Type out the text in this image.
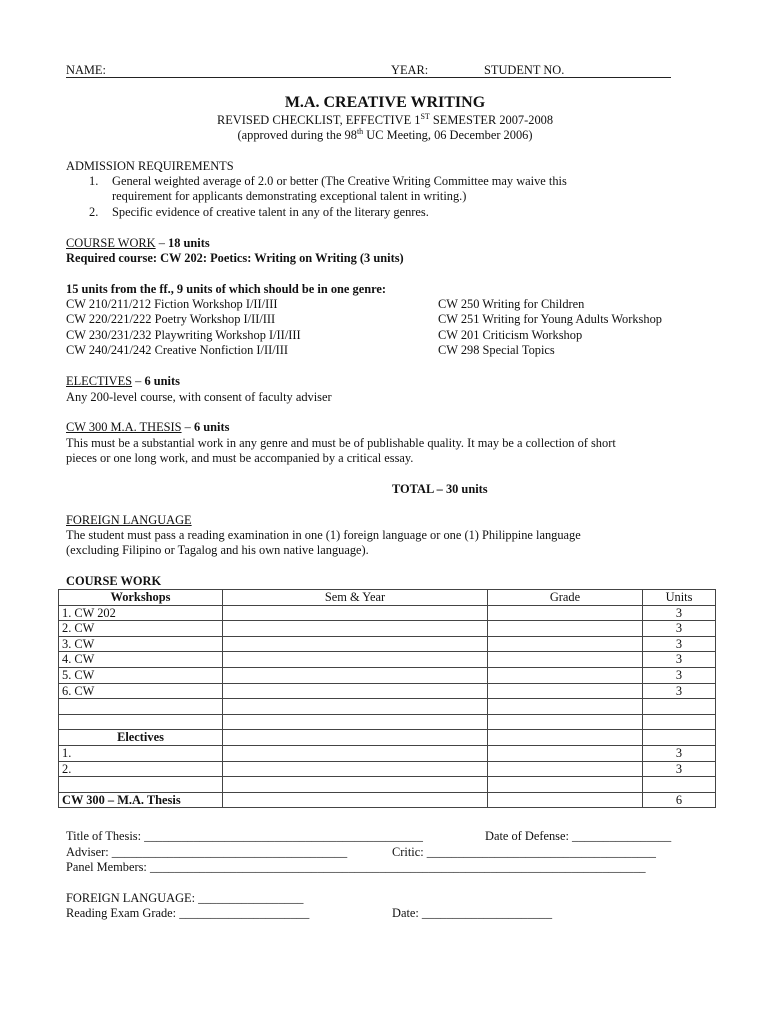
NAME:	YEAR:	STUDENT NO.
M.A. CREATIVE WRITING
REVISED CHECKLIST, EFFECTIVE 1ST SEMESTER 2007-2008
(approved during the 98th UC Meeting, 06 December 2006)
ADMISSION REQUIREMENTS
1. General weighted average of 2.0 or better (The Creative Writing Committee may waive this
requirement for applicants demonstrating exceptional talent in writing.)
2. Specific evidence of creative talent in any of the literary genres.
COURSE WORK – 18 units
Required course: CW 202: Poetics: Writing on Writing (3 units)
15 units from the ff., 9 units of which should be in one genre:
CW 210/211/212 Fiction Workshop I/II/III
CW 220/221/222 Poetry Workshop I/II/III
CW 230/231/232 Playwriting Workshop I/II/III
CW 240/241/242 Creative Nonfiction I/II/III
CW 250 Writing for Children
CW 251 Writing for Young Adults Workshop
CW 201 Criticism Workshop
CW 298 Special Topics
ELECTIVES – 6 units
Any 200-level course, with consent of faculty adviser
CW 300 M.A. THESIS – 6 units
This must be a substantial work in any genre and must be of publishable quality. It may be a collection of short
pieces or one long work, and must be accompanied by a critical essay.
TOTAL – 30 units
FOREIGN LANGUAGE
The student must pass a reading examination in one (1) foreign language or one (1) Philippine language
(excluding Filipino or Tagalog and his own native language).
COURSE WORK
Workshops	Sem & Year	Grade	Units
1. CW 202			3
2. CW			3
3. CW			3
4. CW			3
5. CW			3
6. CW			3

Electives			
1.			3
2.			3

CW 300 – M.A. Thesis			6
Title of Thesis: _____________________________________________	Date of Defense: ________________
Adviser: ______________________________________	Critic: _____________________________________
Panel Members: ________________________________________________________________________________
FOREIGN LANGUAGE: _________________
Reading Exam Grade: _____________________	Date: _____________________
